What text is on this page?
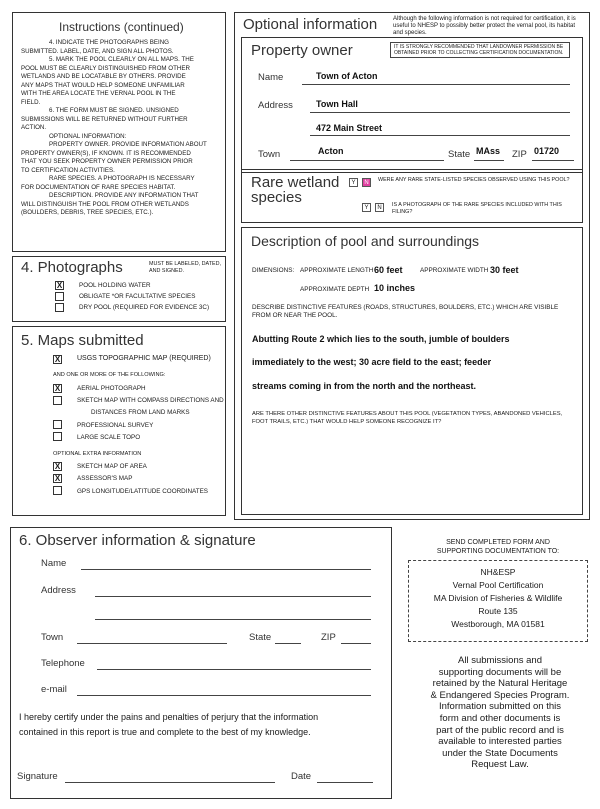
Instructions (continued)
4. INDICATE THE PHOTOGRAPHS BEING
SUBMITTED. LABEL, DATE, AND SIGN ALL PHOTOS.
5. MARK THE POOL CLEARLY ON ALL MAPS. THE
POOL MUST BE CLEARLY DISTINGUISHED FROM OTHER
WETLANDS AND BE LOCATABLE BY OTHERS. PROVIDE
ANY MAPS THAT WOULD HELP SOMEONE UNFAMILIAR
WITH THE AREA LOCATE THE VERNAL POOL IN THE
FIELD.
6. THE FORM MUST BE SIGNED. UNSIGNED
SUBMISSIONS WILL BE RETURNED WITHOUT FURTHER
ACTION.
OPTIONAL INFORMATION:
PROPERTY OWNER. PROVIDE INFORMATION ABOUT
PROPERTY OWNER(S), IF KNOWN. IT IS RECOMMENDED
THAT YOU SEEK PROPERTY OWNER PERMISSION PRIOR
TO CERTIFICATION ACTIVITIES.
RARE SPECIES. A PHOTOGRAPH IS NECESSARY
FOR DOCUMENTATION OF RARE SPECIES HABITAT.
DESCRIPTION. PROVIDE ANY INFORMATION THAT
WILL DISTINGUISH THE POOL FROM OTHER WETLANDS
(BOULDERS, DEBRIS, TREE SPECIES, ETC.).
Optional information	Although the following information is not required for certification, it is useful to NHESP to possibly better protect the vernal pool, its habitat and species.
Property owner	IT IS STRONGLY RECOMMENDED THAT LANDOWNER PERMISSION BE OBTAINED PRIOR TO COLLECTING CERTIFICATION DOCUMENTATION.
Name	Town of Acton
Address	Town Hall
472 Main Street
Town	Acton	State MAss ZIP 01720
Rare wetland
species
Y	N	WERE ANY RARE STATE-LISTED SPECIES OBSERVED USING THIS POOL?
Y	N	IS A PHOTOGRAPH OF THE RARE SPECIES INCLUDED WITH THIS FILING?
Description of pool and surroundings
DIMENSIONS: APPROXIMATE LENGTH 60 feet	APPROXIMATE WIDTH 30 feet
APPROXIMATE DEPTH 10 inches
DESCRIBE DISTINCTIVE FEATURES (ROADS, STRUCTURES, BOULDERS, ETC.) WHICH ARE VISIBLE FROM OR NEAR THE POOL.
Abutting Route 2 which lies to the south, jumble of boulders
immediately to the west; 30 acre field to the east; feeder
streams coming in from the north and the northeast.
ARE THERE OTHER DISTINCTIVE FEATURES ABOUT THIS POOL (VEGETATION TYPES, ABANDONED VEHICLES, FOOT TRAILS, ETC.) THAT WOULD HELP SOMEONE RECOGNIZE IT?
4. Photographs	MUST BE LABELED, DATED, AND SIGNED.
X	POOL HOLDING WATER
OBLIGATE *OR FACULTATIVE SPECIES
DRY POOL (REQUIRED FOR EVIDENCE 3C)
5. Maps submitted
X USGS TOPOGRAPHIC MAP (REQUIRED)
AND ONE OR MORE OF THE FOLLOWING:
X	AERIAL PHOTOGRAPH
SKETCH MAP WITH COMPASS DIRECTIONS AND
DISTANCES FROM LAND MARKS
PROFESSIONAL SURVEY
LARGE SCALE TOPO
OPTIONAL EXTRA INFORMATION
X	SKETCH MAP OF AREA
X	ASSESSOR'S MAP
GPS LONGITUDE/LATITUDE COORDINATES
6. Observer information & signature
Name
Address
Town	State	ZIP
Telephone
e-mail
I hereby certify under the pains and penalties of perjury that the information
contained in this report is true and complete to the best of my knowledge.
Signature	Date
SEND COMPLETED FORM AND
SUPPORTING DOCUMENTATION TO:
NH&ESP
Vernal Pool Certification
MA Division of Fisheries & Wildlife
Route 135
Westborough, MA 01581
All submissions and
supporting documents will be
retained by the Natural Heritage
& Endangered Species Program.
Information submitted on this
form and other documents is
part of the public record and is
available to interested parties
under the State Documents
Request Law.
